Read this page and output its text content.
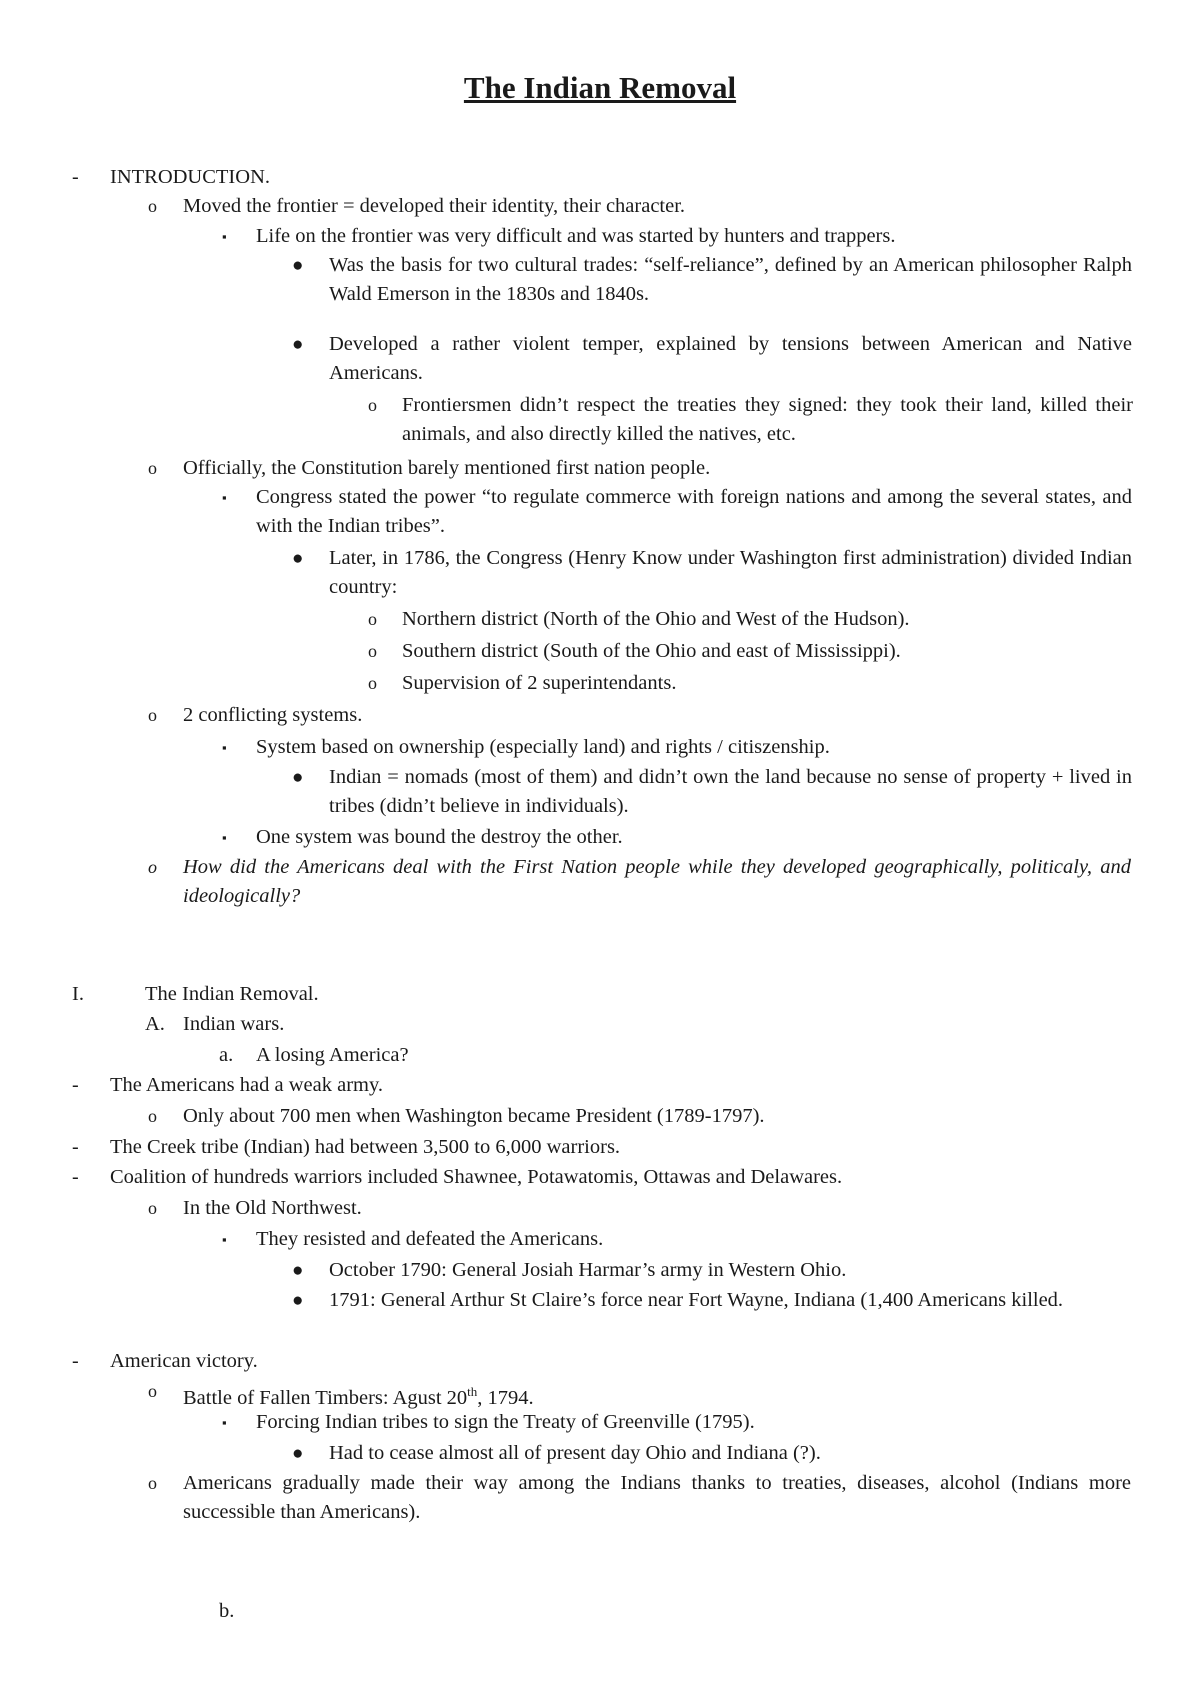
The Indian Removal
-	INTRODUCTION.
o	Moved the frontier = developed their identity, their character.
▪	Life on the frontier was very difficult and was started by hunters and trappers.
●	Was the basis for two cultural trades: “self-reliance”, defined by an American philosopher Ralph Wald Emerson in the 1830s and 1840s.
●	Developed a rather violent temper, explained by tensions between American and Native Americans.
o	Frontiersmen didn’t respect the treaties they signed: they took their land, killed their animals, and also directly killed the natives, etc.
o	Officially, the Constitution barely mentioned first nation people.
▪	Congress stated the power “to regulate commerce with foreign nations and among the several states, and with the Indian tribes”.
●	Later, in 1786, the Congress (Henry Know under Washington first administration) divided Indian country:
o	Northern district (North of the Ohio and West of the Hudson).
o	Southern district (South of the Ohio and east of Mississippi).
o	Supervision of 2 superintendants.
o	2 conflicting systems.
▪	System based on ownership (especially land) and rights / citiszenship.
●	Indian = nomads (most of them) and didn’t own the land because no sense of property + lived in tribes (didn’t believe in individuals).
▪	One system was bound the destroy the other.
o	How did the Americans deal with the First Nation people while they developed geographically, politicaly, and ideologically?
I.	The Indian Removal.
A. Indian wars.
a.	A losing America?
-	The Americans had a weak army.
o	Only about 700 men when Washington became President (1789-1797).
-	The Creek tribe (Indian) had between 3,500 to 6,000 warriors.
-	Coalition of hundreds warriors included Shawnee, Potawatomis, Ottawas and Delawares.
o	In the Old Northwest.
▪	They resisted and defeated the Americans.
●	October 1790: General Josiah Harmar’s army in Western Ohio.
●	1791: General Arthur St Claire’s force near Fort Wayne, Indiana (1,400 Americans killed.
-	American victory.
o	Battle of Fallen Timbers: Agust 20th, 1794.
▪	Forcing Indian tribes to sign the Treaty of Greenville (1795).
●	Had to cease almost all of present day Ohio and Indiana (?).
o	Americans gradually made their way among the Indians thanks to treaties, diseases, alcohol (Indians more successible than Americans).
b.
